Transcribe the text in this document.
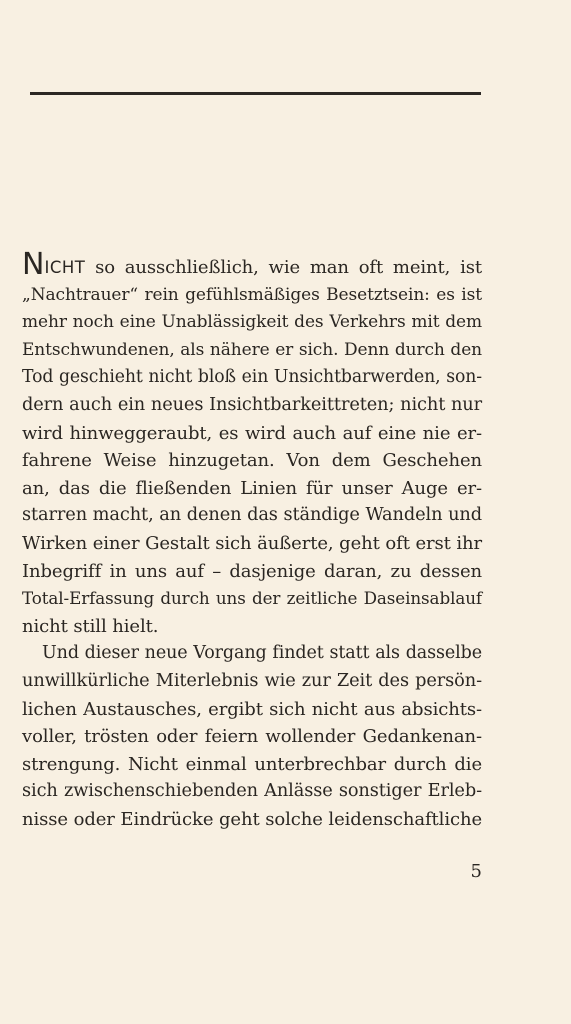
NICHT so ausschließlich, wie man oft meint, ist
„Nachtrauer“ rein gefühlsmäßiges Besetztsein: es ist
mehr noch eine Unablässigkeit des Verkehrs mit dem
Entschwundenen, als nähere er sich. Denn durch den
Tod geschieht nicht bloß ein Unsichtbarwerden, son-
dern auch ein neues Insichtbarkeittreten; nicht nur
wird hinweggeraubt, es wird auch auf eine nie er-
fahrene Weise hinzugetan. Von dem Geschehen
an, das die fließenden Linien für unser Auge er-
starren macht, an denen das ständige Wandeln und
Wirken einer Gestalt sich äußerte, geht oft erst ihr
Inbegriff in uns auf – dasjenige daran, zu dessen
Total-Erfassung durch uns der zeitliche Daseinsablauf
nicht still hielt.
Und dieser neue Vorgang findet statt als dasselbe
unwillkürliche Miterlebnis wie zur Zeit des persön-
lichen Austausches, ergibt sich nicht aus absichts-
voller, trösten oder feiern wollender Gedankenan-
strengung. Nicht einmal unterbrechbar durch die
sich zwischenschiebenden Anlässe sonstiger Erleb-
nisse oder Eindrücke geht solche leidenschaftliche
5
